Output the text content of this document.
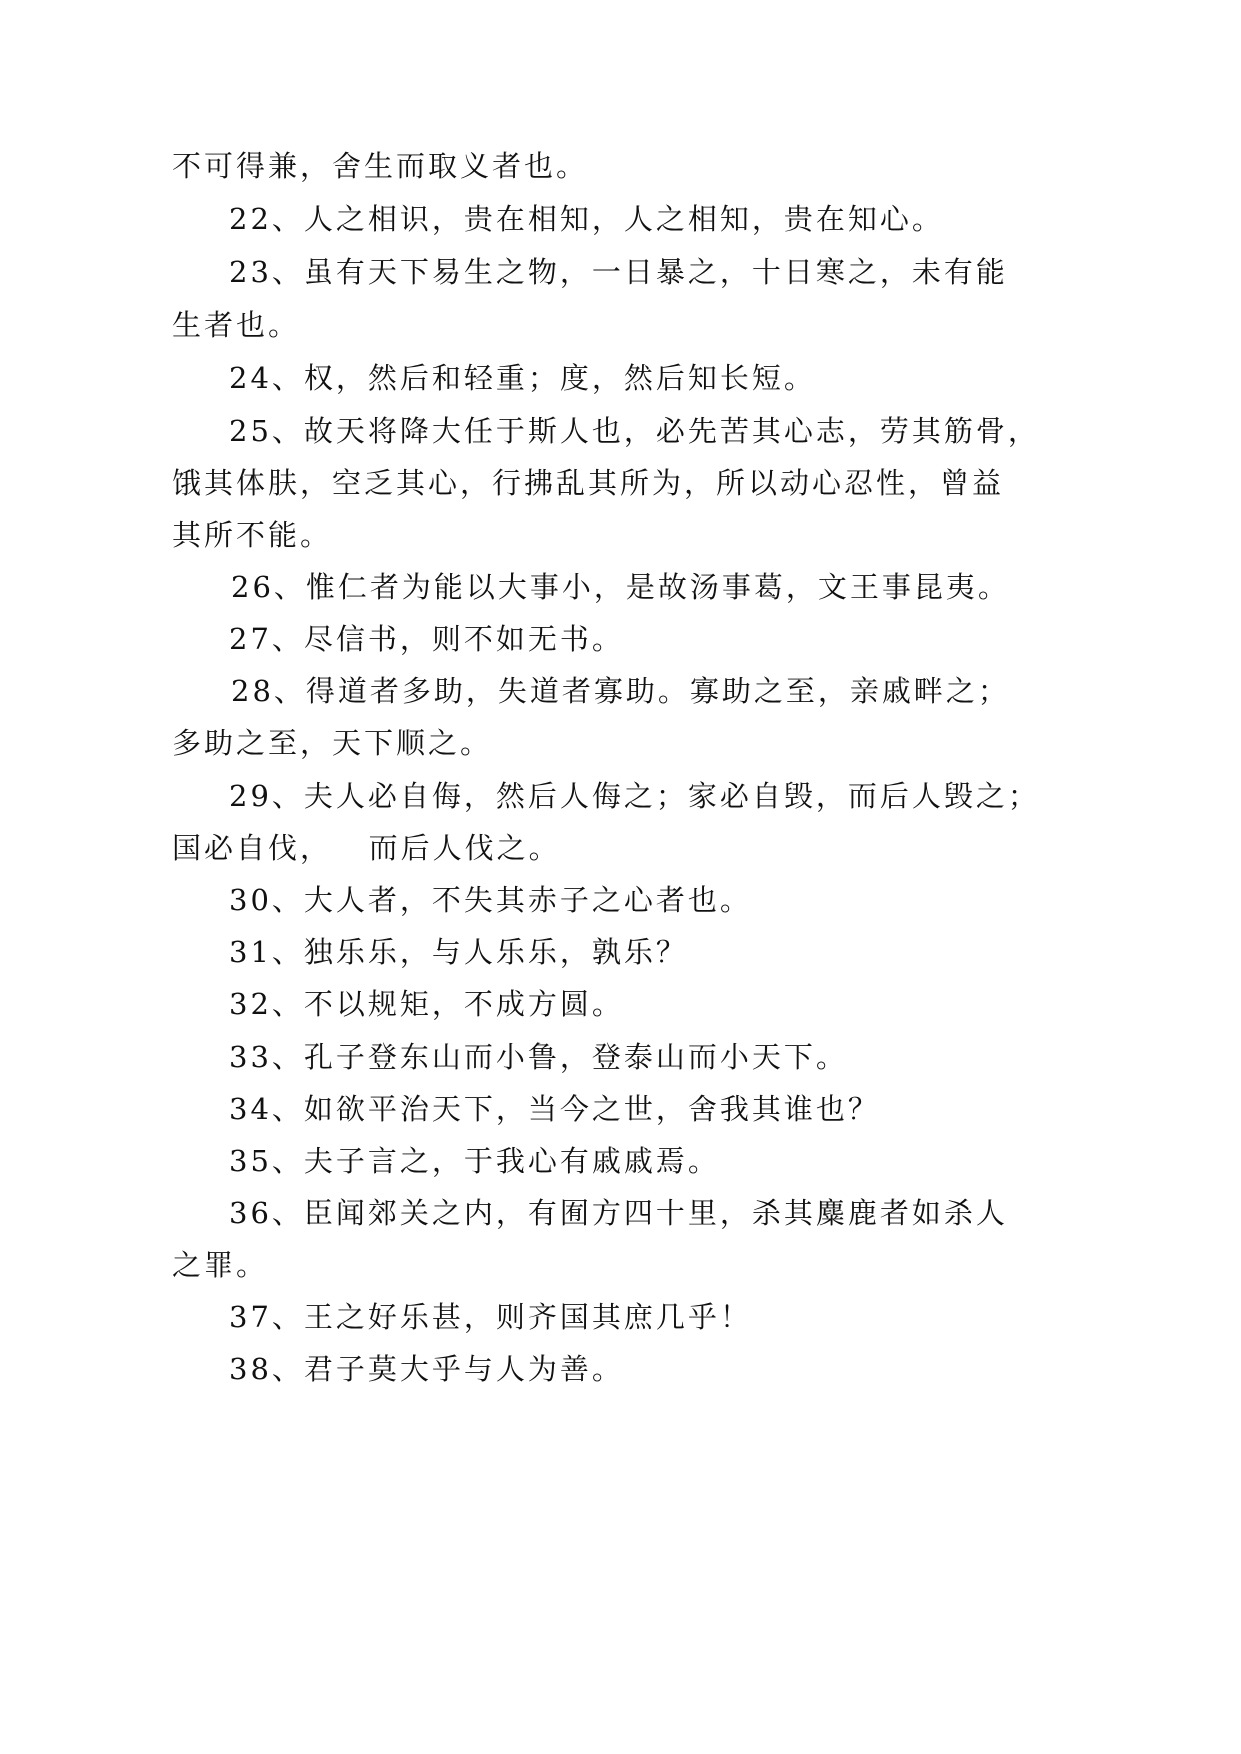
不可得兼，舍生而取义者也。
22、人之相识，贵在相知，人之相知，贵在知心。
23、虽有天下易生之物，一日暴之，十日寒之，未有能
生者也。
24、权，然后和轻重；度，然后知长短。
25、故天将降大任于斯人也，必先苦其心志，劳其筋骨，
饿其体肤，空乏其心，行拂乱其所为，所以动心忍性，曾益
其所不能。
26、惟仁者为能以大事小，是故汤事葛，文王事昆夷。
27、尽信书，则不如无书。
28、得道者多助，失道者寡助。寡助之至，亲戚畔之；
多助之至，天下顺之。
29、夫人必自侮，然后人侮之；家必自毁，而后人毁之；
国必自伐，   而后人伐之。
30、大人者，不失其赤子之心者也。
31、独乐乐，与人乐乐，孰乐？
32、不以规矩，不成方圆。
33、孔子登东山而小鲁，登泰山而小天下。
34、如欲平治天下，当今之世，舍我其谁也？
35、夫子言之，于我心有戚戚焉。
36、臣闻郊关之内，有囿方四十里，杀其麋鹿者如杀人
之罪。
37、王之好乐甚，则齐国其庶几乎！
38、君子莫大乎与人为善。
